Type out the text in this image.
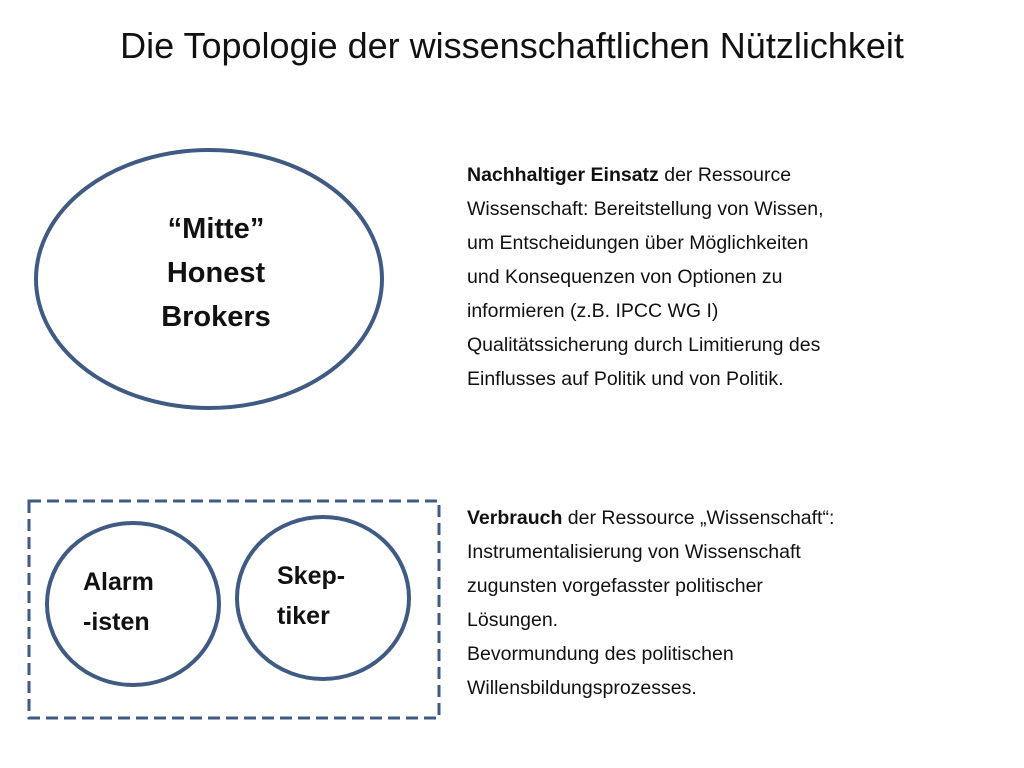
Die Topologie der wissenschaftlichen Nützlichkeit
“Mitte”
Honest
Brokers
Alarm
-isten
Skep-
tiker
Nachhaltiger Einsatz der Ressource
Wissenschaft: Bereitstellung von Wissen,
um Entscheidungen über Möglichkeiten
und Konsequenzen von Optionen zu
informieren (z.B. IPCC WG I)
Qualitätssicherung durch Limitierung des
Einflusses auf Politik und von Politik.
Verbrauch der Ressource „Wissenschaft“:
Instrumentalisierung von Wissenschaft
zugunsten vorgefasster politischer
Lösungen.
Bevormundung des politischen
Willensbildungsprozesses.
